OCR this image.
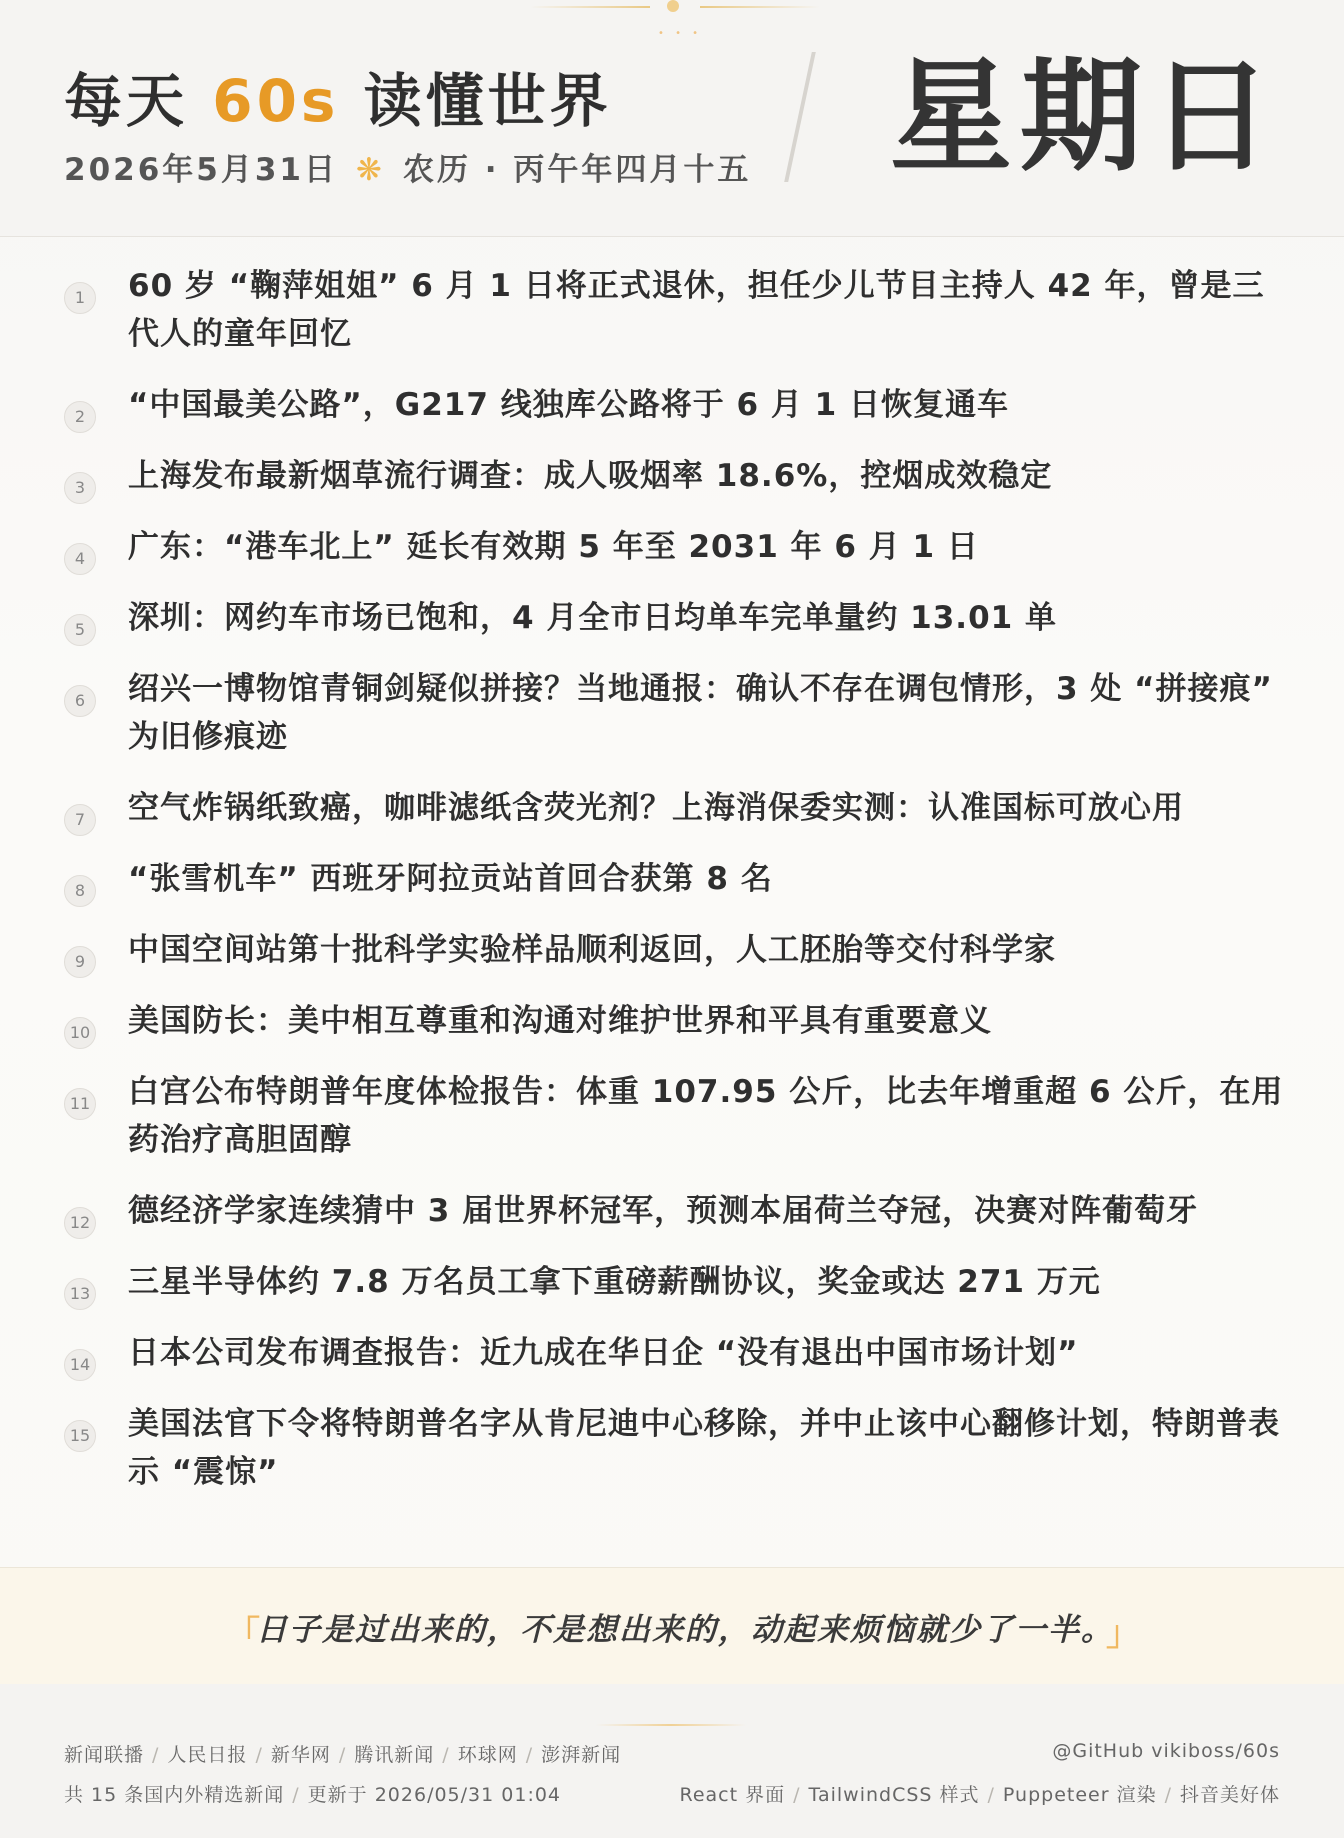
• • •
每天 60s 读懂世界
2026年5月31日 ❋ 农历 · 丙午年四月十五 星期日
1	60 岁 “鞠萍姐姐” 6 月 1 日将正式退休，担任少儿节目主持人 42 年，曾是三代人的童年回忆
2	“中国最美公路”，G217 线独库公路将于 6 月 1 日恢复通车
3	上海发布最新烟草流行调查：成人吸烟率 18.6%，控烟成效稳定
4	广东：“港车北上” 延长有效期 5 年至 2031 年 6 月 1 日
5	深圳：网约车市场已饱和，4 月全市日均单车完单量约 13.01 单
6	绍兴一博物馆青铜剑疑似拼接？当地通报：确认不存在调包情形，3 处 “拼接痕” 为旧修痕迹
7	空气炸锅纸致癌，咖啡滤纸含荧光剂？上海消保委实测：认准国标可放心用
8	“张雪机车” 西班牙阿拉贡站首回合获第 8 名
9	中国空间站第十批科学实验样品顺利返回，人工胚胎等交付科学家
10 美国防长：美中相互尊重和沟通对维护世界和平具有重要意义
11 白宫公布特朗普年度体检报告：体重 107.95 公斤，比去年增重超 6 公斤，在用药治疗高胆固醇
12 德经济学家连续猜中 3 届世界杯冠军，预测本届荷兰夺冠，决赛对阵葡萄牙
13 三星半导体约 7.8 万名员工拿下重磅薪酬协议，奖金或达 271 万元
14 日本公司发布调查报告：近九成在华日企 “没有退出中国市场计划”
15 美国法官下令将特朗普名字从肯尼迪中心移除，并中止该中心翻修计划，特朗普表示 “震惊”
「
日子是过出来的，不是想出来的，动起来烦恼就少了一半。
」
新闻联播 / 人民日报 / 新华网 / 腾讯新闻 / 环球网 / 澎湃新闻	@GitHub vikiboss/60s
共 15 条国内外精选新闻 / 更新于 2026/05/31 01:04	React 界面 / TailwindCSS 样式 / Puppeteer 渲染 / 抖音美好体
